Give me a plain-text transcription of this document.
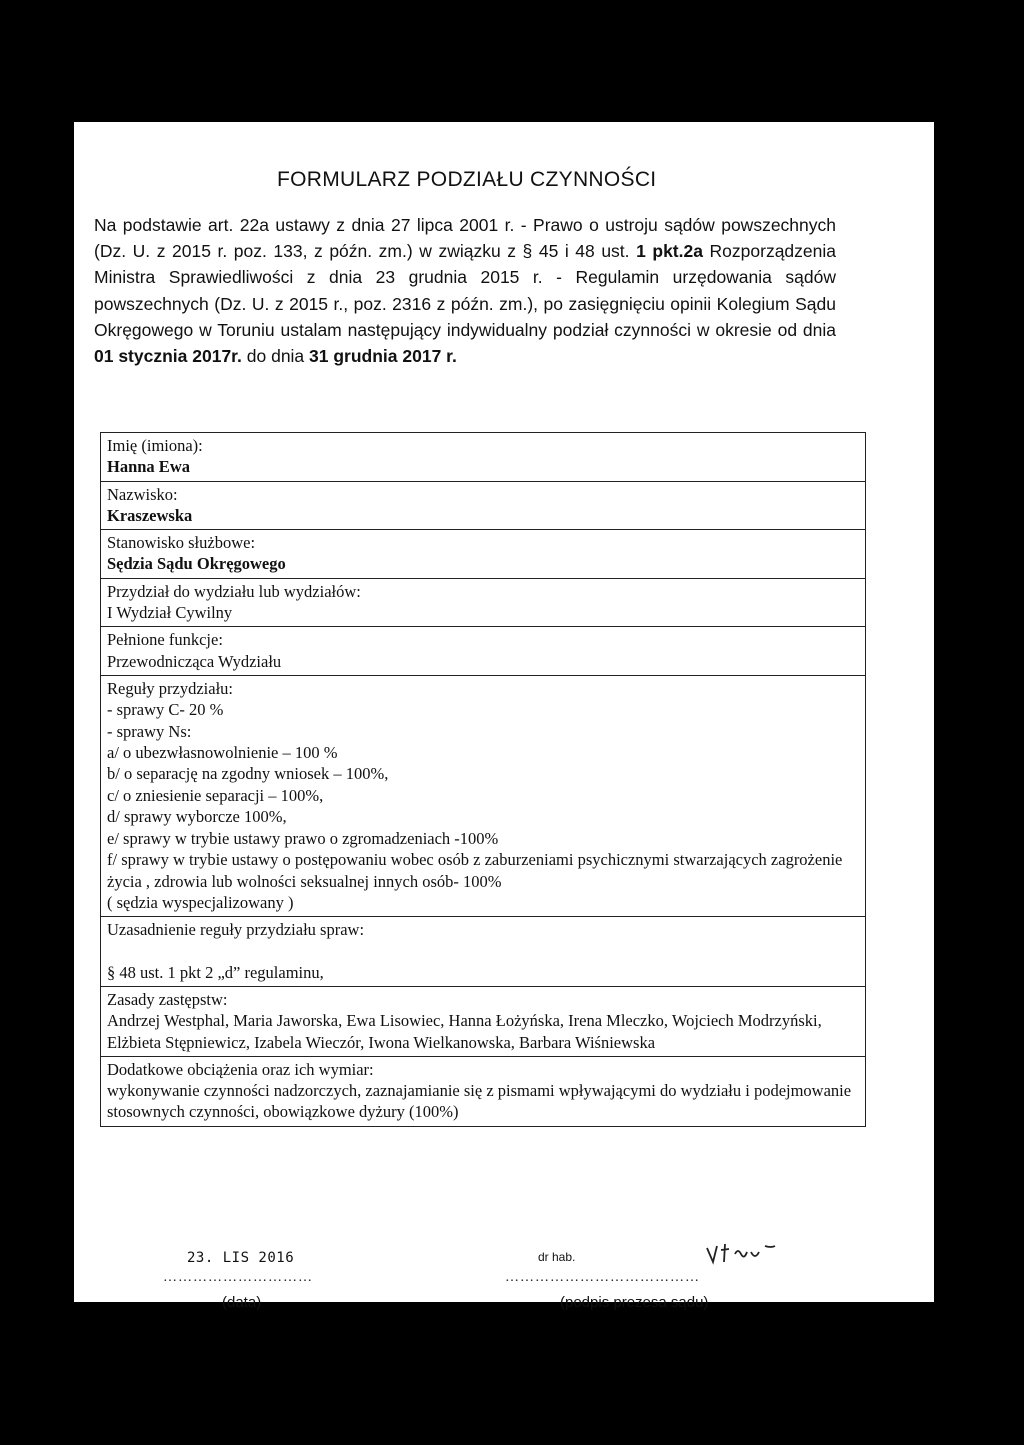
FORMULARZ PODZIAŁU CZYNNOŚCI
Na podstawie art. 22a ustawy z dnia 27 lipca 2001 r. - Prawo o ustroju sądów powszechnych (Dz. U. z 2015 r. poz. 133, z późn. zm.) w związku z § 45 i 48 ust. 1 pkt.2a Rozporządzenia Ministra Sprawiedliwości z dnia 23 grudnia 2015 r. - Regulamin urzędowania sądów powszechnych (Dz. U. z 2015 r., poz. 2316 z późn. zm.), po zasięgnięciu opinii Kolegium Sądu Okręgowego w Toruniu ustalam następujący indywidualny podział czynności w okresie od dnia 01 stycznia 2017r. do dnia 31 grudnia 2017 r.
Imię (imiona):
Hanna Ewa
Nazwisko:
Kraszewska
Stanowisko służbowe:
Sędzia Sądu Okręgowego
Przydział do wydziału lub wydziałów:
I Wydział Cywilny
Pełnione funkcje:
Przewodnicząca Wydziału
Reguły przydziału:
- sprawy C- 20 %
- sprawy Ns:
a/ o ubezwłasnowolnienie – 100 %
b/ o separację na zgodny wniosek – 100%,
c/ o zniesienie separacji – 100%,
d/ sprawy wyborcze 100%,
e/ sprawy w trybie ustawy prawo o zgromadzeniach -100%
f/ sprawy w trybie ustawy o postępowaniu wobec osób z zaburzeniami psychicznymi stwarzających zagrożenie życia , zdrowia lub wolności seksualnej innych osób- 100%
( sędzia wyspecjalizowany )
Uzasadnienie reguły przydziału spraw:
§ 48 ust. 1 pkt 2 „d” regulaminu,
Zasady zastępstw:
Andrzej Westphal, Maria Jaworska, Ewa Lisowiec, Hanna Łożyńska, Irena Mleczko, Wojciech Modrzyński, Elżbieta Stępniewicz, Izabela Wieczór, Iwona Wielkanowska, Barbara Wiśniewska
Dodatkowe obciążenia oraz ich wymiar:
wykonywanie czynności nadzorczych, zaznajamianie się z pismami wpływającymi do wydziału i podejmowanie stosownych czynności, obowiązkowe dyżury (100%)
23. LIS 2016
…………………………
(data)
dr hab.
…………………………………
(podpis prezesa sądu)
